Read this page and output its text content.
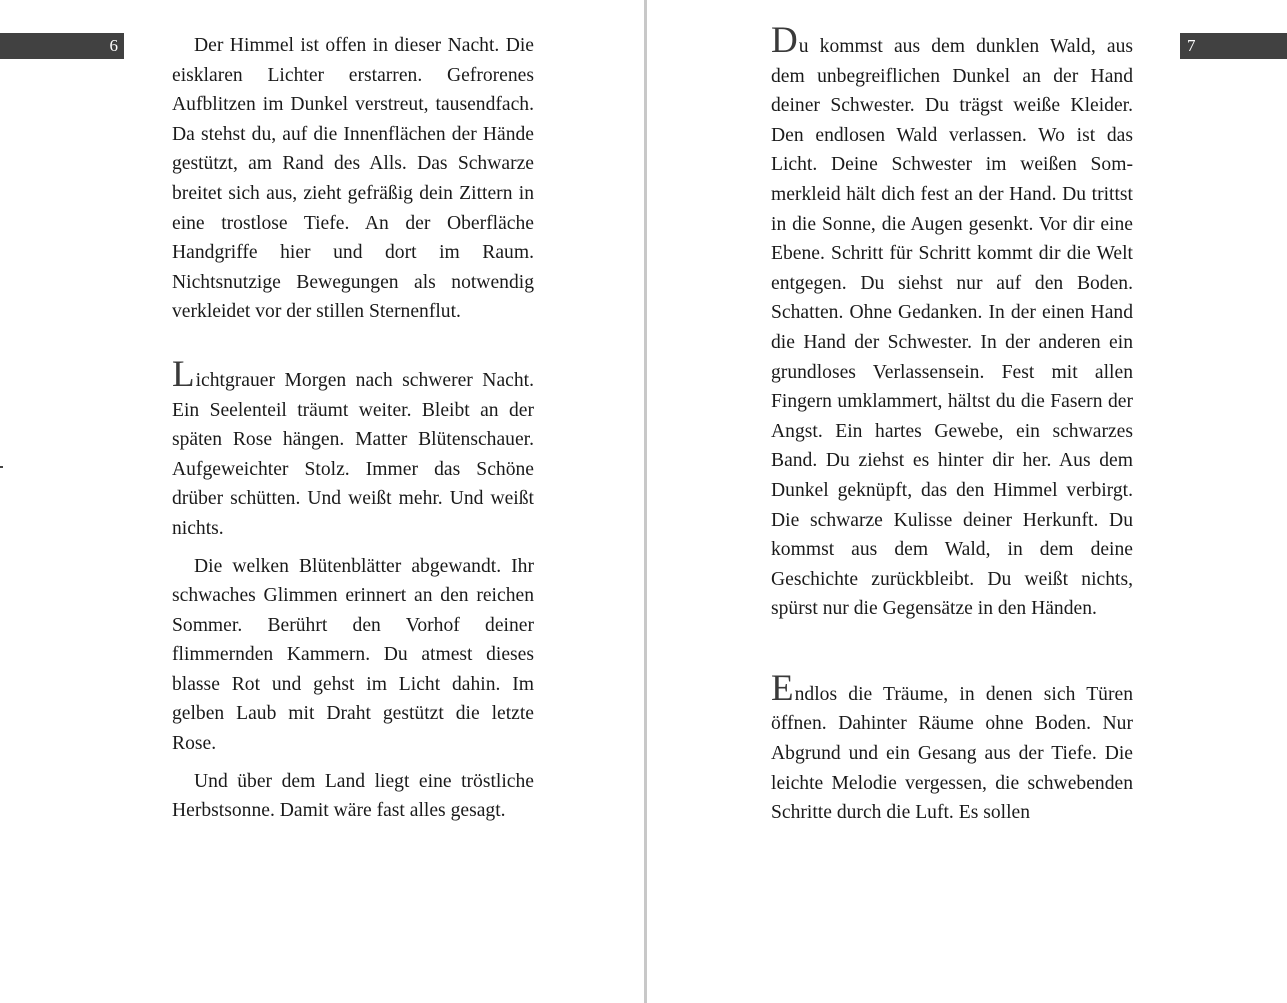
6	Der Himmel ist offen in dieser Nacht. Die eisklaren Lichter erstarren. Gefrorenes Aufblitzen im Dunkel verstreut, tausendfach. Da stehst du, auf die Innenflächen der Hände gestützt, am Rand des Alls. Das Schwarze breitet sich aus, zieht gefräßig dein Zittern in eine trostlose Tiefe. An der Oberfläche Handgriffe hier und dort im Raum. Nichtsnutzige Bewegungen als notwendig verkleidet vor der stillen Sternenflut.

Lichtgrauer Morgen nach schwerer Nacht. Ein Seelenteil träumt weiter. Bleibt an der späten Rose hängen. Matter Blütenschauer. Aufgeweichter Stolz. Immer das Schöne drüber schütten. Und weißt mehr. Und weißt nichts.

Die welken Blütenblätter abgewandt. Ihr schwaches Glimmen erinnert an den reichen Sommer. Berührt den Vorhof deiner flimmernden Kammern. Du atmest dieses blasse Rot und gehst im Licht dahin. Im gelben Laub mit Draht gestützt die letzte Rose.

Und über dem Land liegt eine tröstliche Herbstsonne. Damit wäre fast alles gesagt.

7

Du kommst aus dem dunklen Wald, aus dem unbegreiflichen Dunkel an der Hand deiner Schwester. Du trägst weiße Kleider. Den endlosen Wald verlassen. Wo ist das Licht. Deine Schwester im weißen Sommerkleid hält dich fest an der Hand. Du trittst in die Sonne, die Augen gesenkt. Vor dir eine Ebene. Schritt für Schritt kommt dir die Welt entgegen. Du siehst nur auf den Boden. Schatten. Ohne Gedanken. In der einen Hand die Hand der Schwester. In der anderen ein grundloses Verlassensein. Fest mit allen Fingern umklammert, hältst du die Fasern der Angst. Ein hartes Gewebe, ein schwarzes Band. Du ziehst es hinter dir her. Aus dem Dunkel geknüpft, das den Himmel verbirgt. Die schwarze Kulisse deiner Herkunft. Du kommst aus dem Wald, in dem deine Geschichte zurückbleibt. Du weißt nichts, spürst nur die Gegensätze in den Händen.

Endlos die Träume, in denen sich Türen öffnen. Dahinter Räume ohne Boden. Nur Abgrund und ein Gesang aus der Tiefe. Die leichte Melodie vergessen, die schwebenden Schritte durch die Luft. Es sollen
